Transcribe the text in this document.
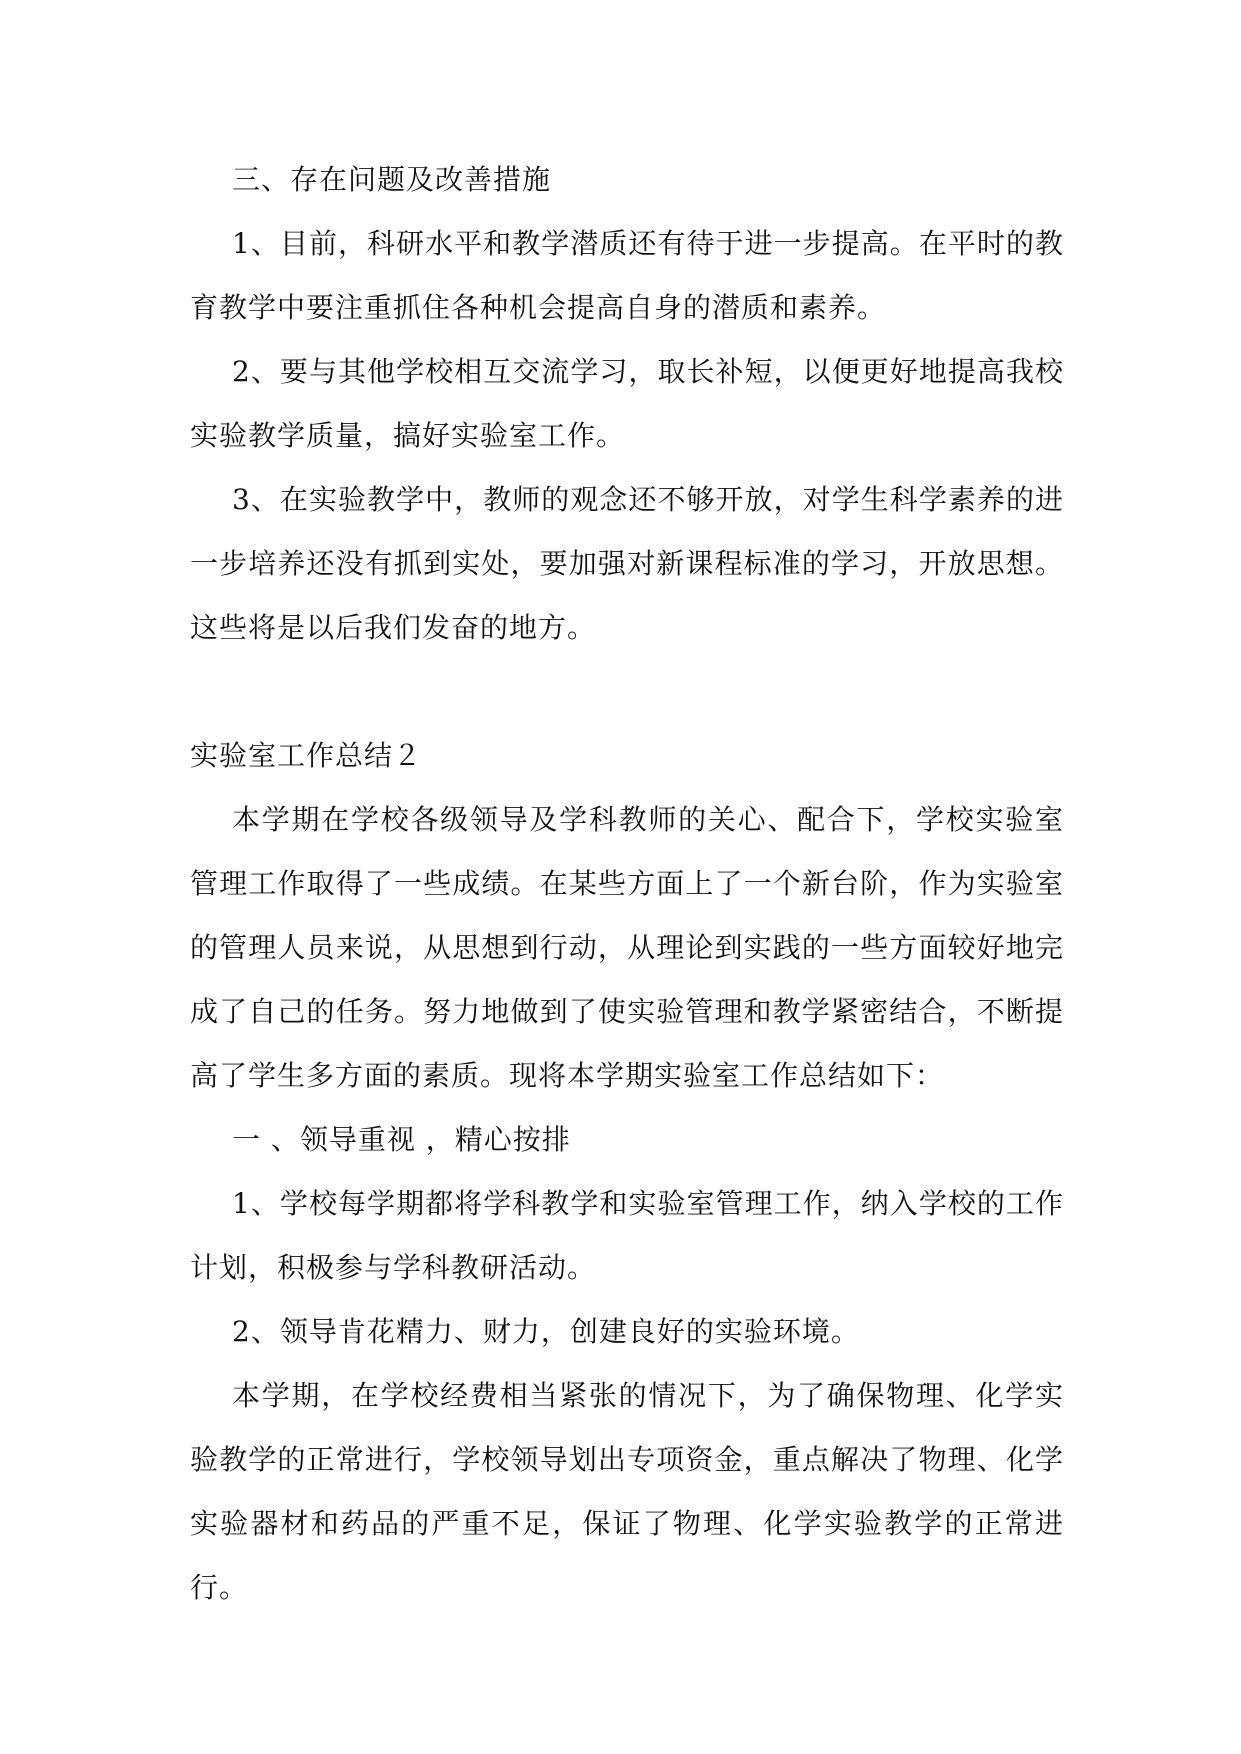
三、存在问题及改善措施

1、目前，科研水平和教学潜质还有待于进一步提高。在平时的教育教学中要注重抓住各种机会提高自身的潜质和素养。

2、要与其他学校相互交流学习，取长补短，以便更好地提高我校实验教学质量，搞好实验室工作。

3、在实验教学中，教师的观念还不够开放，对学生科学素养的进一步培养还没有抓到实处，要加强对新课程标准的学习，开放思想。这些将是以后我们发奋的地方。

实验室工作总结２

本学期在学校各级领导及学科教师的关心、配合下，学校实验室管理工作取得了一些成绩。在某些方面上了一个新台阶，作为实验室的管理人员来说，从思想到行动，从理论到实践的一些方面较好地完成了自己的任务。努力地做到了使实验管理和教学紧密结合，不断提高了学生多方面的素质。现将本学期实验室工作总结如下：

一 、领导重视 ，精心按排

1、学校每学期都将学科教学和实验室管理工作，纳入学校的工作计划，积极参与学科教研活动。

2、领导肯花精力、财力，创建良好的实验环境。

本学期，在学校经费相当紧张的情况下，为了确保物理、化学实验教学的正常进行，学校领导划出专项资金，重点解决了物理、化学实验器材和药品的严重不足，保证了物理、化学实验教学的正常进行。
